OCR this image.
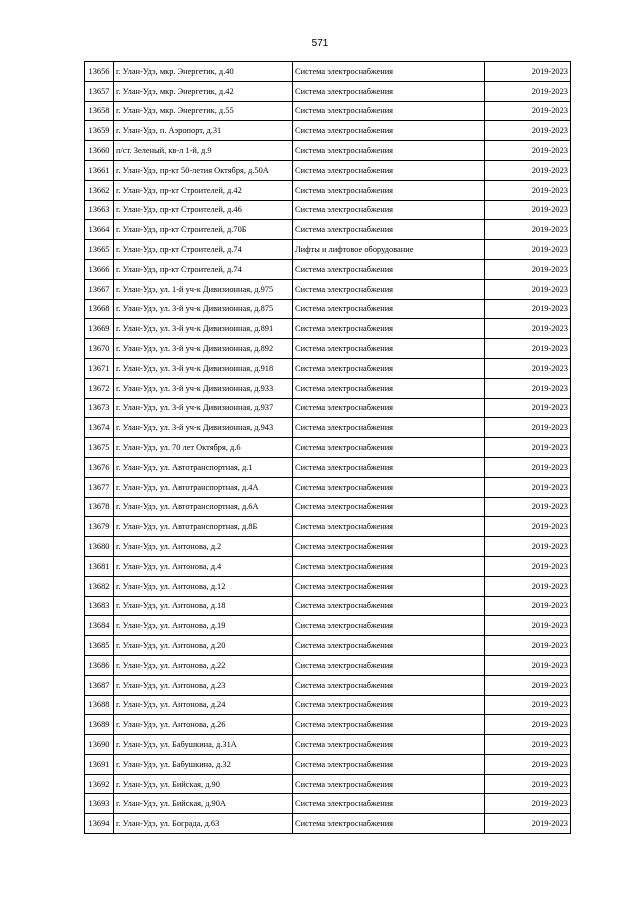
571
13656	г. Улан-Удэ, мкр. Энергетик, д.40	Система электроснабжения	2019-2023
13657	г. Улан-Удэ, мкр. Энергетик, д.42	Система электроснабжения	2019-2023
13658	г. Улан-Удэ, мкр. Энергетик, д.55	Система электроснабжения	2019-2023
13659	г. Улан-Удэ, п. Аэропорт, д.31	Система электроснабжения	2019-2023
13660	п/ст. Зеленый, кв-л 1-й, д.9	Система электроснабжения	2019-2023
13661	г. Улан-Удэ, пр-кт 50-летия Октября, д.50А	Система электроснабжения	2019-2023
13662	г. Улан-Удэ, пр-кт Строителей, д.42	Система электроснабжения	2019-2023
13663	г. Улан-Удэ, пр-кт Строителей, д.46	Система электроснабжения	2019-2023
13664	г. Улан-Удэ, пр-кт Строителей, д.70Б	Система электроснабжения	2019-2023
13665	г. Улан-Удэ, пр-кт Строителей, д.74	Лифты и лифтовое оборудование	2019-2023
13666	г. Улан-Удэ, пр-кт Строителей, д.74	Система электроснабжения	2019-2023
13667	г. Улан-Удэ, ул. 1-й уч-к Дивизионная, д.975	Система электроснабжения	2019-2023
13668	г. Улан-Удэ, ул. 3-й уч-к Дивизионная, д.875	Система электроснабжения	2019-2023
13669	г. Улан-Удэ, ул. 3-й уч-к Дивизионная, д.891	Система электроснабжения	2019-2023
13670	г. Улан-Удэ, ул. 3-й уч-к Дивизионная, д.892	Система электроснабжения	2019-2023
13671	г. Улан-Удэ, ул. 3-й уч-к Дивизионная, д.918	Система электроснабжения	2019-2023
13672	г. Улан-Удэ, ул. 3-й уч-к Дивизионная, д.933	Система электроснабжения	2019-2023
13673	г. Улан-Удэ, ул. 3-й уч-к Дивизионная, д.937	Система электроснабжения	2019-2023
13674	г. Улан-Удэ, ул. 3-й уч-к Дивизионная, д.943	Система электроснабжения	2019-2023
13675	г. Улан-Удэ, ул. 70 лет Октября, д.6	Система электроснабжения	2019-2023
13676	г. Улан-Удэ, ул. Автотранспортная, д.1	Система электроснабжения	2019-2023
13677	г. Улан-Удэ, ул. Автотранспортная, д.4А	Система электроснабжения	2019-2023
13678	г. Улан-Удэ, ул. Автотранспортная, д.6А	Система электроснабжения	2019-2023
13679	г. Улан-Удэ, ул. Автотранспортная, д.8Б	Система электроснабжения	2019-2023
13680	г. Улан-Удэ, ул. Антонова, д.2	Система электроснабжения	2019-2023
13681	г. Улан-Удэ, ул. Антонова, д.4	Система электроснабжения	2019-2023
13682	г. Улан-Удэ, ул. Антонова, д.12	Система электроснабжения	2019-2023
13683	г. Улан-Удэ, ул. Антонова, д.18	Система электроснабжения	2019-2023
13684	г. Улан-Удэ, ул. Антонова, д.19	Система электроснабжения	2019-2023
13685	г. Улан-Удэ, ул. Антонова, д.20	Система электроснабжения	2019-2023
13686	г. Улан-Удэ, ул. Антонова, д.22	Система электроснабжения	2019-2023
13687	г. Улан-Удэ, ул. Антонова, д.23	Система электроснабжения	2019-2023
13688	г. Улан-Удэ, ул. Антонова, д.24	Система электроснабжения	2019-2023
13689	г. Улан-Удэ, ул. Антонова, д.26	Система электроснабжения	2019-2023
13690	г. Улан-Удэ, ул. Бабушкина, д.31А	Система электроснабжения	2019-2023
13691	г. Улан-Удэ, ул. Бабушкина, д.32	Система электроснабжения	2019-2023
13692	г. Улан-Удэ, ул. Бийская, д.90	Система электроснабжения	2019-2023
13693	г. Улан-Удэ, ул. Бийская, д.90А	Система электроснабжения	2019-2023
13694	г. Улан-Удэ, ул. Бограда, д.63	Система электроснабжения	2019-2023
